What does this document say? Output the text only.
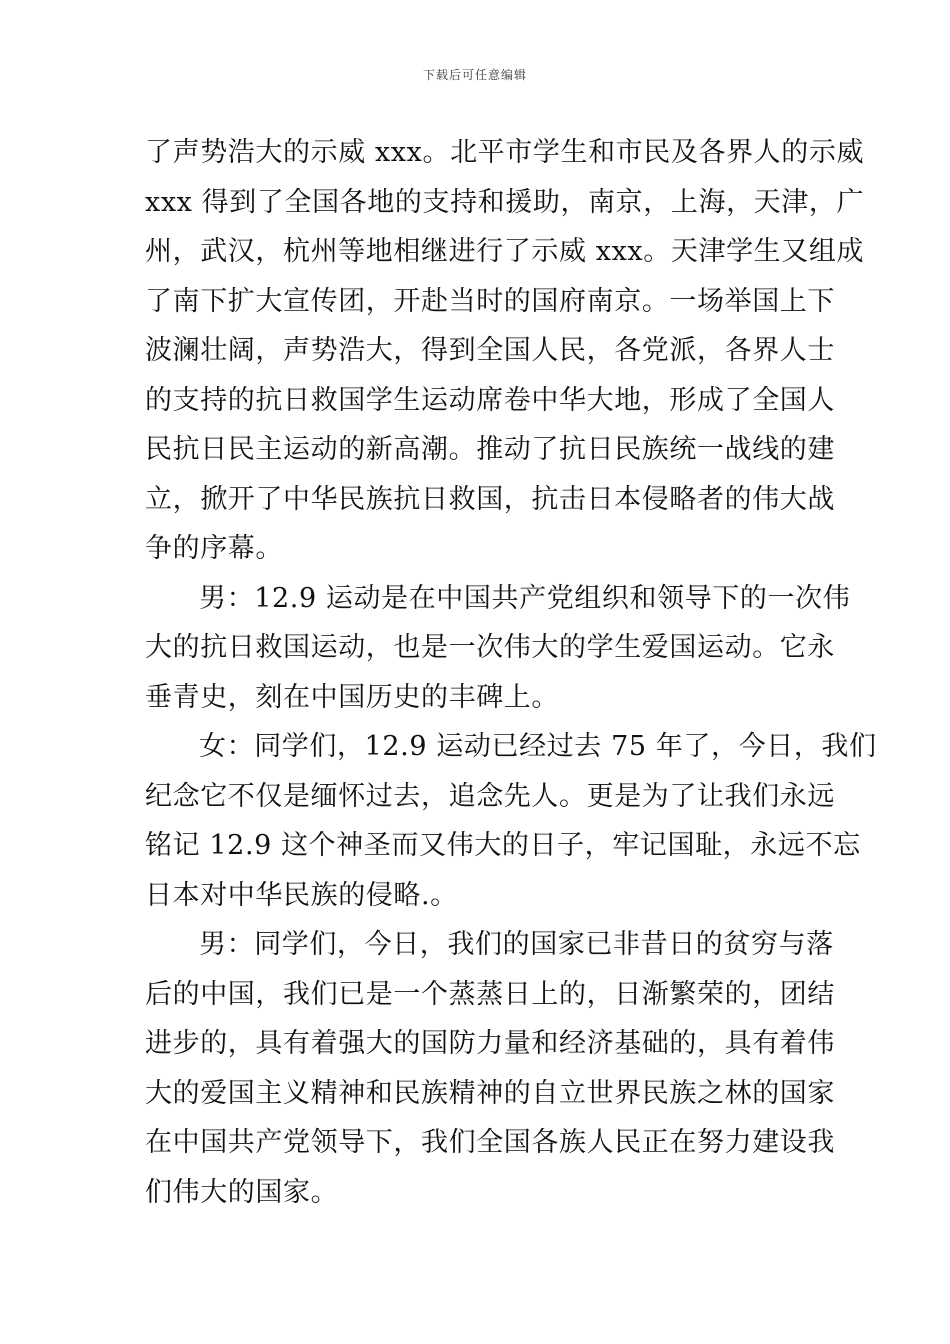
下载后可任意编辑
了声势浩大的示威 xxx。北平市学生和市民及各界人的示威
xxx 得到了全国各地的支持和援助，南京，上海，天津，广
州，武汉，杭州等地相继进行了示威 xxx。天津学生又组成
了南下扩大宣传团，开赴当时的国府南京。一场举国上下
波澜壮阔，声势浩大，得到全国人民，各党派，各界人士
的支持的抗日救国学生运动席卷中华大地，形成了全国人
民抗日民主运动的新高潮。推动了抗日民族统一战线的建
立，掀开了中华民族抗日救国，抗击日本侵略者的伟大战
争的序幕。
男：12.9 运动是在中国共产党组织和领导下的一次伟
大的抗日救国运动，也是一次伟大的学生爱国运动。它永
垂青史，刻在中国历史的丰碑上。
女：同学们，12.9 运动已经过去 75 年了，今日，我们
纪念它不仅是缅怀过去，追念先人。更是为了让我们永远
铭记 12.9 这个神圣而又伟大的日子，牢记国耻，永远不忘
日本对中华民族的侵略.。
男：同学们，今日，我们的国家已非昔日的贫穷与落
后的中国，我们已是一个蒸蒸日上的，日渐繁荣的，团结
进步的，具有着强大的国防力量和经济基础的，具有着伟
大的爱国主义精神和民族精神的自立世界民族之林的国家
在中国共产党领导下，我们全国各族人民正在努力建设我
们伟大的国家。
